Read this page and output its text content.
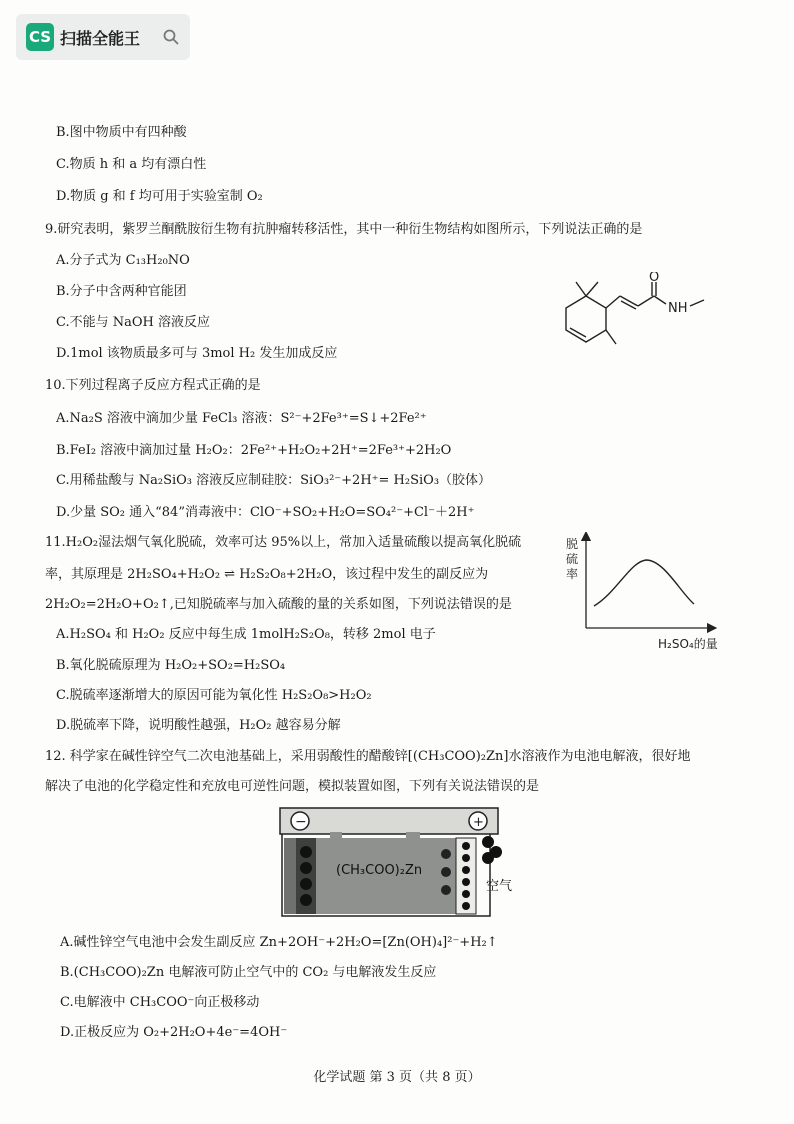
CS 扫描全能王
B.图中物质中有四种酸
C.物质 h 和 a 均有漂白性
D.物质 g 和 f 均可用于实验室制 O₂
9.研究表明，紫罗兰酮酰胺衍生物有抗肿瘤转移活性，其中一种衍生物结构如图所示，下列说法正确的是
A.分子式为 C₁₃H₂₀NO
B.分子中含两种官能团
C.不能与 NaOH 溶液反应
D.1mol 该物质最多可与 3mol H₂ 发生加成反应
O
NH
10.下列过程离子反应方程式正确的是
A.Na₂S 溶液中滴加少量 FeCl₃ 溶液：S²⁻+2Fe³⁺=S↓+2Fe²⁺
B.FeI₂ 溶液中滴加过量 H₂O₂：2Fe²⁺+H₂O₂+2H⁺=2Fe³⁺+2H₂O
C.用稀盐酸与 Na₂SiO₃ 溶液反应制硅胶：SiO₃²⁻+2H⁺= H₂SiO₃（胶体）
D.少量 SO₂ 通入“84”消毒液中：ClO⁻+SO₂+H₂O=SO₄²⁻+Cl⁻＋2H⁺
11.H₂O₂湿法烟气氧化脱硫，效率可达 95%以上，常加入适量硫酸以提高氧化脱硫
率，其原理是 2H₂SO₄+H₂O₂ ⇌ H₂S₂O₈+2H₂O，该过程中发生的副反应为
2H₂O₂=2H₂O+O₂↑,已知脱硫率与加入硫酸的量的关系如图，下列说法错误的是
A.H₂SO₄ 和 H₂O₂ 反应中每生成 1molH₂S₂O₈，转移 2mol 电子
B.氧化脱硫原理为 H₂O₂+SO₂=H₂SO₄
C.脱硫率逐渐增大的原因可能为氧化性 H₂S₂O₈>H₂O₂
D.脱硫率下降，说明酸性越强，H₂O₂ 越容易分解
脱
硫
率
H₂SO₄的量
12. 科学家在碱性锌空气二次电池基础上，采用弱酸性的醋酸锌[(CH₃COO)₂Zn]水溶液作为电池电解液，很好地
解决了电池的化学稳定性和充放电可逆性问题，模拟装置如图，下列有关说法错误的是
−	+
(CH₃COO)₂Zn
空气
A.碱性锌空气电池中会发生副反应 Zn+2OH⁻+2H₂O=[Zn(OH)₄]²⁻+H₂↑
B.(CH₃COO)₂Zn 电解液可防止空气中的 CO₂ 与电解液发生反应
C.电解液中 CH₃COO⁻向正极移动
D.正极反应为 O₂+2H₂O+4e⁻=4OH⁻
化学试题 第 3 页（共 8 页）
